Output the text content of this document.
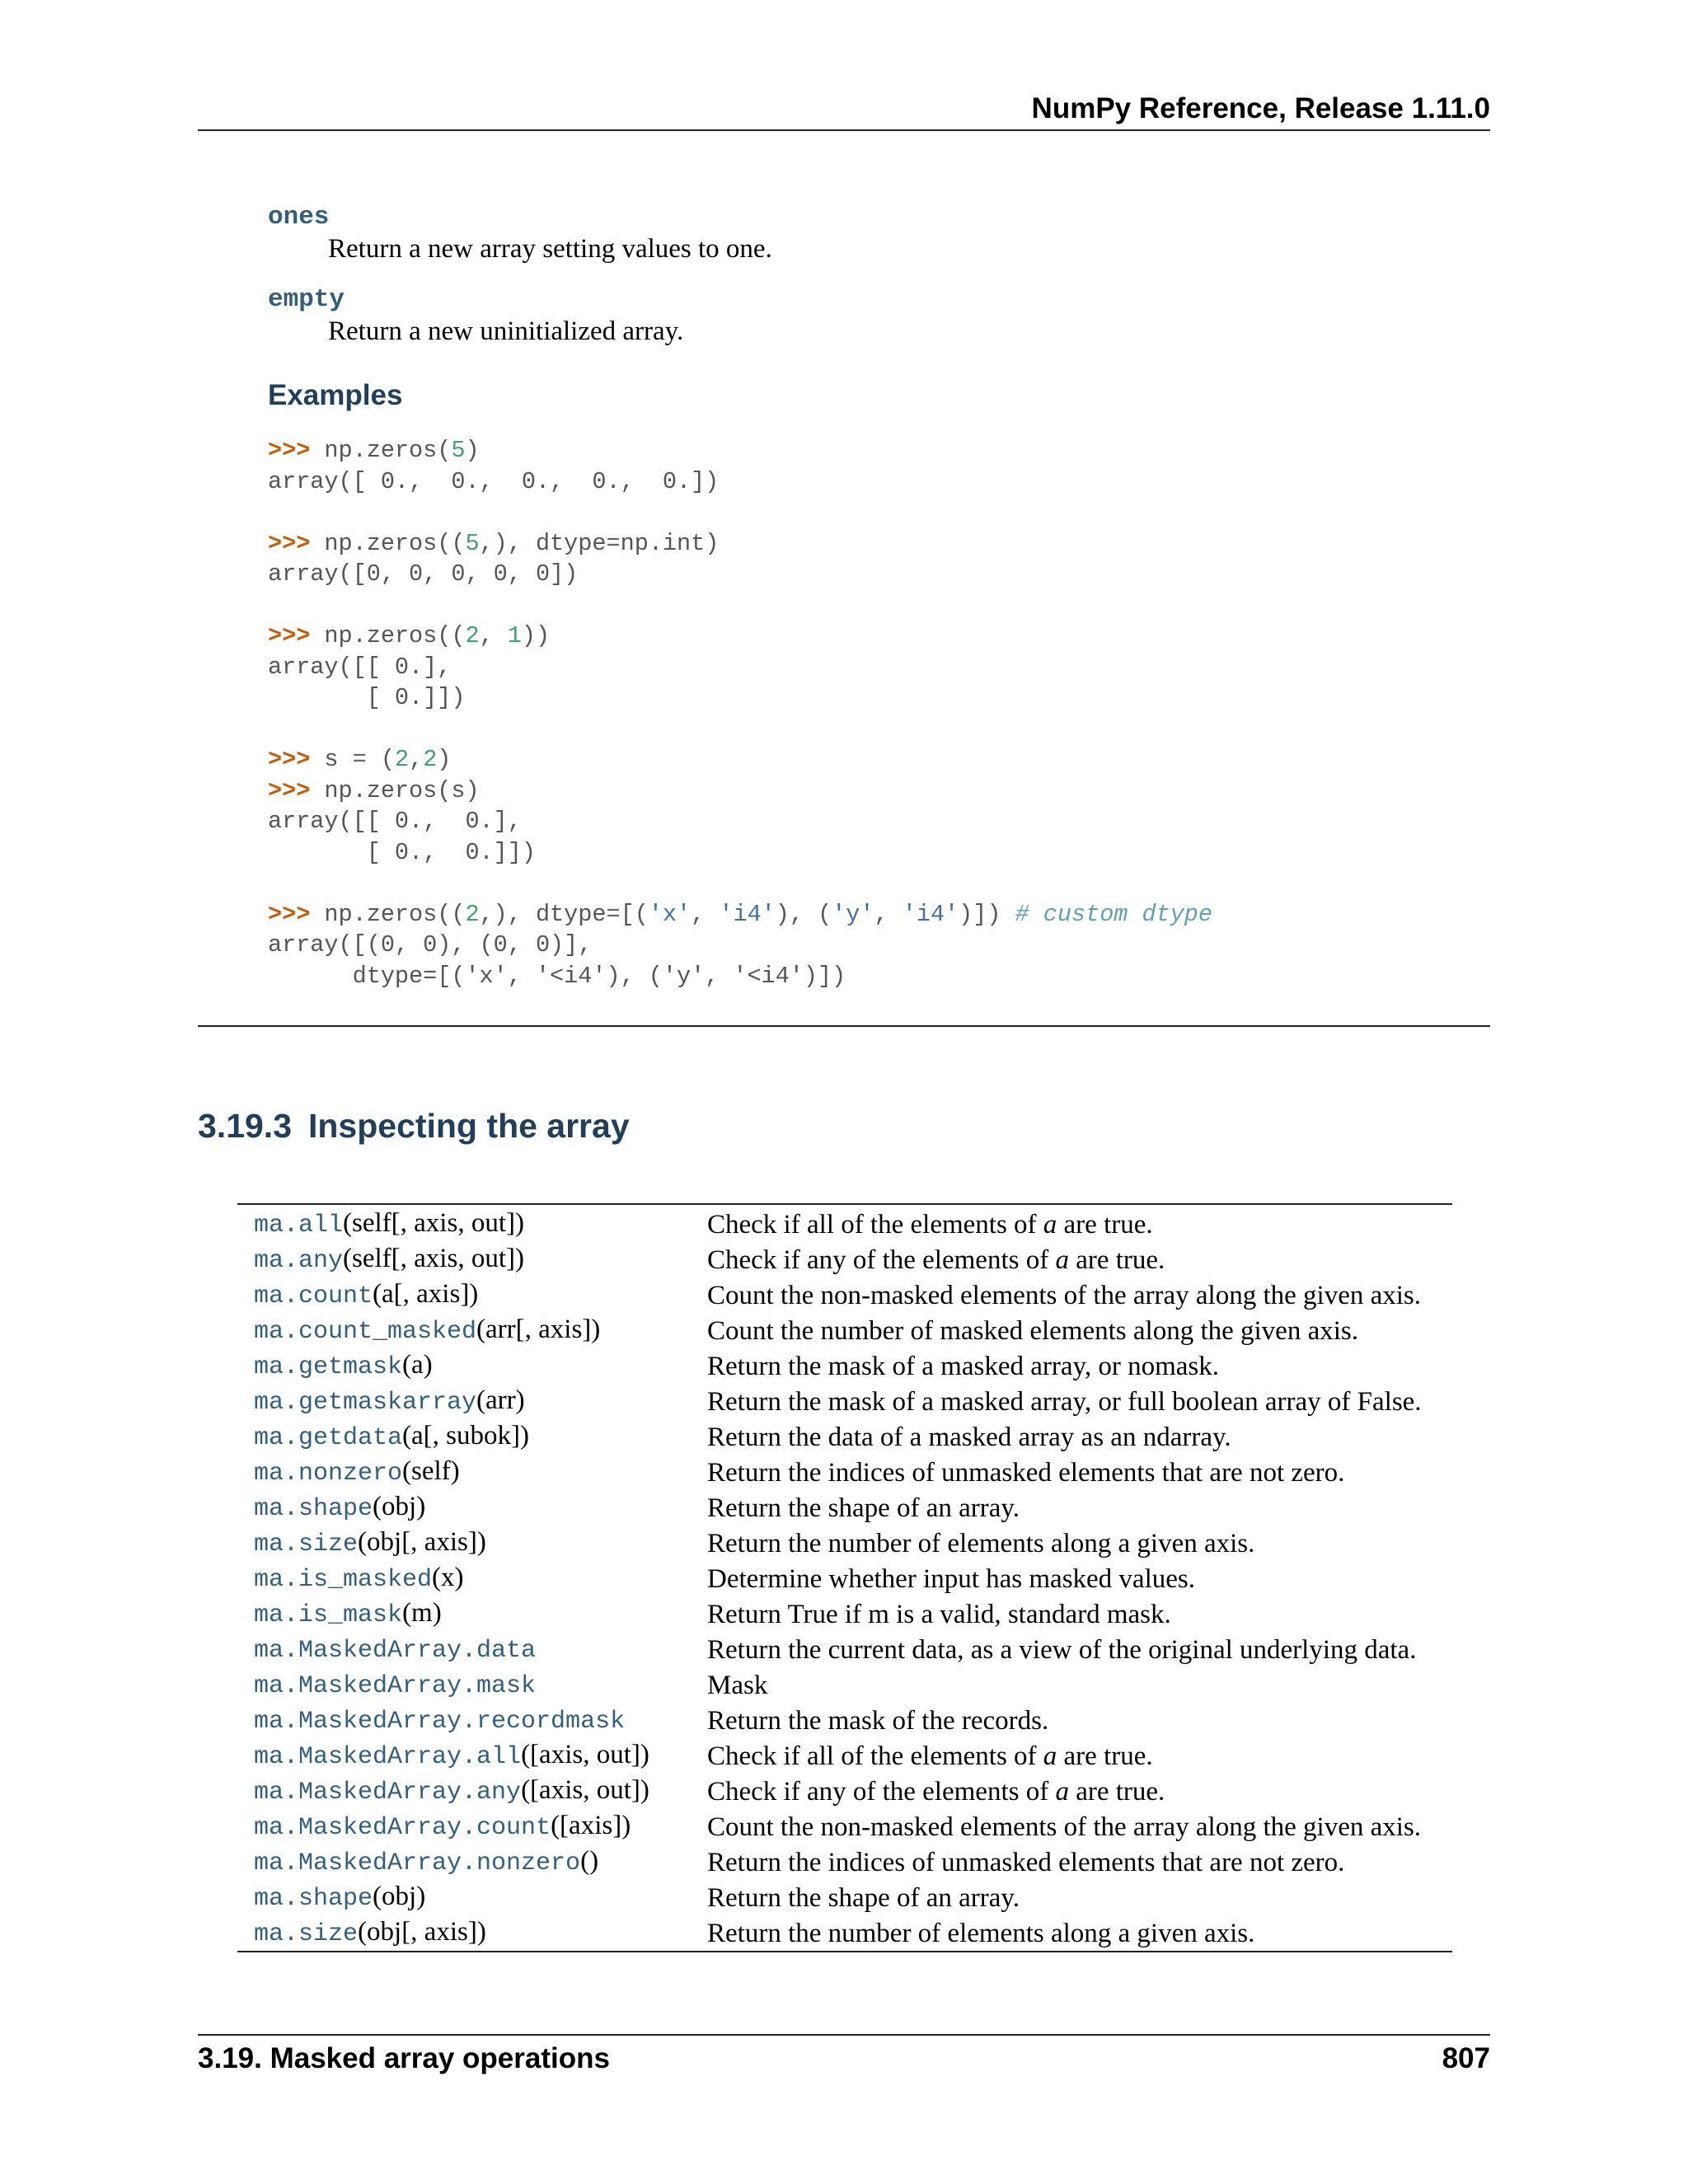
NumPy Reference, Release 1.11.0
ones
Return a new array setting values to one.
empty
Return a new uninitialized array.
Examples
>>> np.zeros(5)
array([ 0.,  0.,  0.,  0.,  0.])
>>> np.zeros((5,), dtype=np.int)
array([0, 0, 0, 0, 0])
>>> np.zeros((2, 1))
array([[ 0.],
[ 0.]])
>>> s = (2,2)
>>> np.zeros(s)
array([[ 0.,  0.],
[ 0.,  0.]])
>>> np.zeros((2,), dtype=[('x', 'i4'), ('y', 'i4')]) # custom dtype
array([(0, 0), (0, 0)],
dtype=[('x', '<i4'), ('y', '<i4')])
3.19.3 Inspecting the array
ma.all(self[, axis, out])	Check if all of the elements of a are true.
ma.any(self[, axis, out])	Check if any of the elements of a are true.
ma.count(a[, axis])	Count the non-masked elements of the array along the given axis.
ma.count_masked(arr[, axis])	Count the number of masked elements along the given axis.
ma.getmask(a)	Return the mask of a masked array, or nomask.
ma.getmaskarray(arr)	Return the mask of a masked array, or full boolean array of False.
ma.getdata(a[, subok])	Return the data of a masked array as an ndarray.
ma.nonzero(self)	Return the indices of unmasked elements that are not zero.
ma.shape(obj)	Return the shape of an array.
ma.size(obj[, axis])	Return the number of elements along a given axis.
ma.is_masked(x)	Determine whether input has masked values.
ma.is_mask(m)	Return True if m is a valid, standard mask.
ma.MaskedArray.data	Return the current data, as a view of the original underlying data.
ma.MaskedArray.mask	Mask
ma.MaskedArray.recordmask	Return the mask of the records.
ma.MaskedArray.all([axis, out])	Check if all of the elements of a are true.
ma.MaskedArray.any([axis, out])	Check if any of the elements of a are true.
ma.MaskedArray.count([axis])	Count the non-masked elements of the array along the given axis.
ma.MaskedArray.nonzero()	Return the indices of unmasked elements that are not zero.
ma.shape(obj)	Return the shape of an array.
ma.size(obj[, axis])	Return the number of elements along a given axis.
3.19. Masked array operations	807
